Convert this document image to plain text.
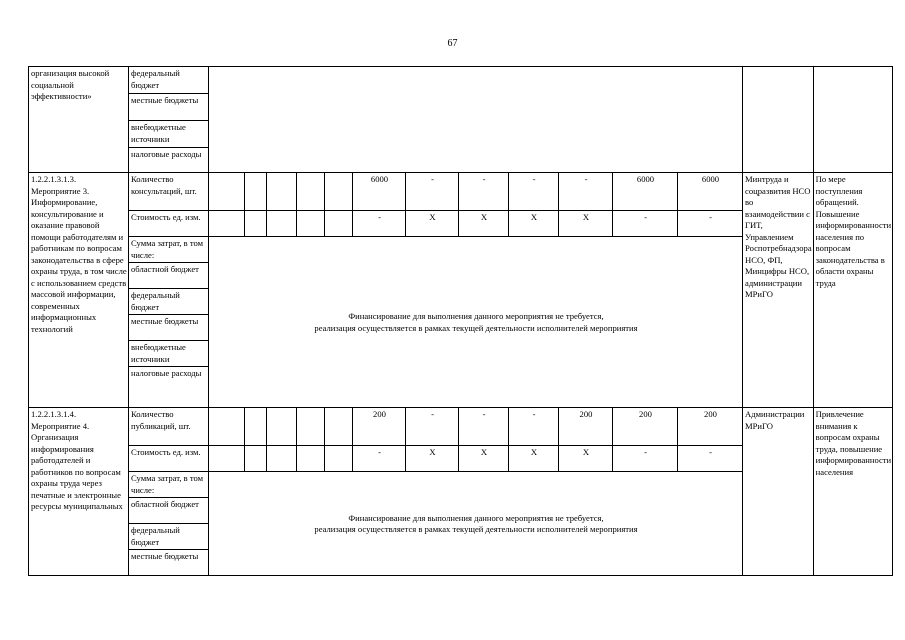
67
организация высокой социальной эффективности»	федеральный бюджет														
	местные бюджеты														
	внебюджетные источники														
	налоговые расходы														
1.2.2.1.3.1.3. Мероприятие 3. Информирование, консультирование и оказание правовой помощи работодателям и работникам по вопросам законодательства в сфере охраны труда, в том числе с использованием средств массовой информации, современных информационных технологий	Количество консультаций, шт.						6000	-	-	-	-	6000	6000	Минтруда и соцразвития НСО во взаимодействии с ГИТ, Управлением Роспотребнадзора НСО, ФП, Минцифры НСО, администрации МРиГО	По мере поступления обращений. Повышение информированности населения по вопросам законодательства в области охраны труда
	Стоимость ед. изм.						-	X	X	X	X	-	-		
	Сумма затрат, в том числе:	Финансирование для выполнения данного мероприятия не требуется,
реализация осуществляется в рамках текущей деятельности исполнителей мероприятия													
	областной бюджет														
	федеральный бюджет														
	местные бюджеты														
	внебюджетные источники														
	налоговые расходы														
1.2.2.1.3.1.4. Мероприятие 4. Организация информирования работодателей и работников по вопросам охраны труда через печатные и электронные ресурсы муниципальных	Количество публикаций, шт.						200	-	-	-	200	200	200	Администрации МРиГО	Привлечение внимания к вопросам охраны труда, повышение информированности населения
	Стоимость ед. изм.						-	X	X	X	X	-	-		
	Сумма затрат, в том числе:	Финансирование для выполнения данного мероприятия не требуется,
реализация осуществляется в рамках текущей деятельности исполнителей мероприятия													
	областной бюджет														
	федеральный бюджет														
	местные бюджеты														
